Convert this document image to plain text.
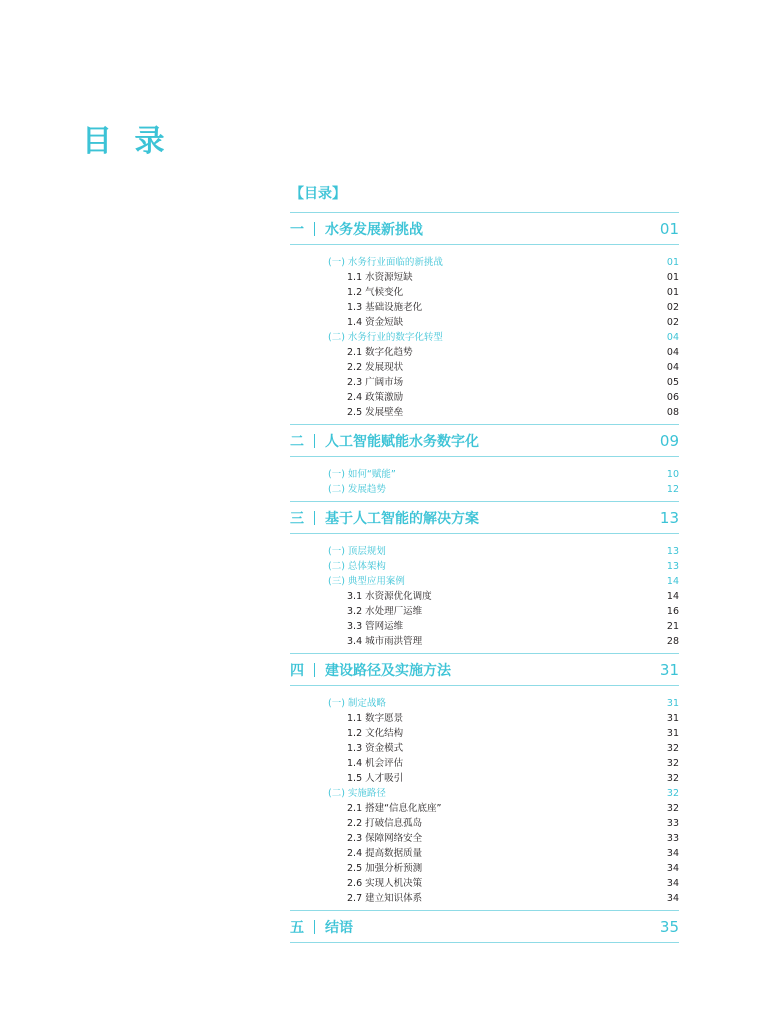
目 录
【目录】
一	水务发展新挑战	01
(一) 水务行业面临的新挑战	01
1.1 水资源短缺	01
1.2 气候变化	01
1.3 基础设施老化	02
1.4 资金短缺	02
(二) 水务行业的数字化转型	04
2.1 数字化趋势	04
2.2 发展现状	04
2.3 广阔市场	05
2.4 政策激励	06
2.5 发展壁垒	08
二	人工智能赋能水务数字化	09
(一) 如何“赋能”	10
(二) 发展趋势	12
三	基于人工智能的解决方案	13
(一) 顶层规划	13
(二) 总体架构	13
(三) 典型应用案例	14
3.1 水资源优化调度	14
3.2 水处理厂运维	16
3.3 管网运维	21
3.4 城市雨洪管理	28
四	建设路径及实施方法	31
(一) 制定战略	31
1.1 数字愿景	31
1.2 文化结构	31
1.3 资金模式	32
1.4 机会评估	32
1.5 人才吸引	32
(二) 实施路径	32
2.1 搭建“信息化底座”	32
2.2 打破信息孤岛	33
2.3 保障网络安全	33
2.4 提高数据质量	34
2.5 加强分析预测	34
2.6 实现人机决策	34
2.7 建立知识体系	34
五	结语	35
